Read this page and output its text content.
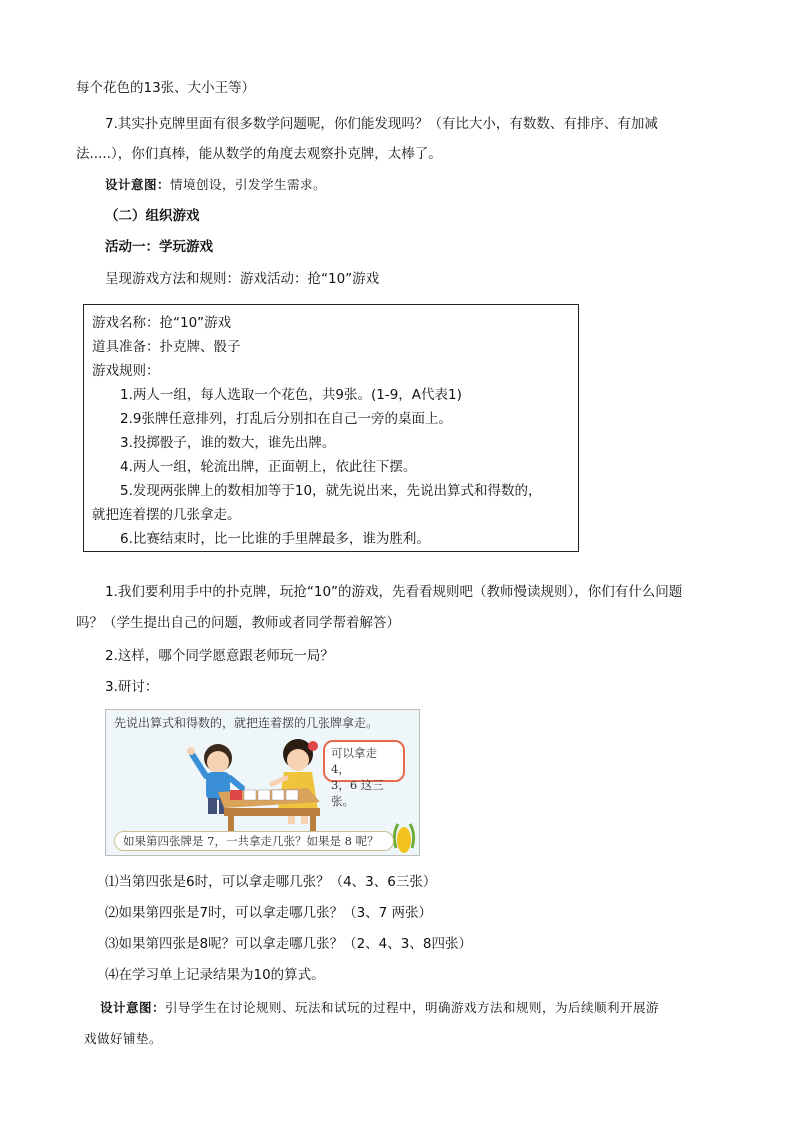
每个花色的13张、大小王等）
7.其实扑克牌里面有很多数学问题呢，你们能发现吗？（有比大小，有数数、有排序、有加减
法.....），你们真棒，能从数学的角度去观察扑克牌，太棒了。
设计意图：情境创设，引发学生需求。
（二）组织游戏
活动一：学玩游戏
呈现游戏方法和规则：游戏活动：抢“10”游戏
游戏名称：抢“10”游戏
道具准备：扑克牌、骰子
游戏规则：
1.两人一组，每人选取一个花色，共9张。(1-9，A代表1)
2.9张牌任意排列，打乱后分别扣在自己一旁的桌面上。
3.投掷骰子，谁的数大，谁先出牌。
4.两人一组，轮流出牌，正面朝上，依此往下摆。
5.发现两张牌上的数相加等于10，就先说出来，先说出算式和得数的，
就把连着摆的几张拿走。
6.比赛结束时，比一比谁的手里牌最多，谁为胜利。
1.我们要利用手中的扑克牌，玩抢“10”的游戏，先看看规则吧（教师慢读规则），你们有什么问题
吗？（学生提出自己的问题，教师或者同学帮着解答）
2.这样，哪个同学愿意跟老师玩一局？
3.研讨：
先说出算式和得数的，就把连着摆的几张牌拿走。
可以拿走 4，
3，6 这三张。
如果第四张牌是 7，一共拿走几张？如果是 8 呢？
⑴当第四张是6时，可以拿走哪几张？（4、3、6三张）
⑵如果第四张是7时，可以拿走哪几张？（3、7 两张）
⑶如果第四张是8呢？可以拿走哪几张？（2、4、3、8四张）
⑷在学习单上记录结果为10的算式。
设计意图：引导学生在讨论规则、玩法和试玩的过程中，明确游戏方法和规则，为后续顺利开展游
戏做好铺垫。
